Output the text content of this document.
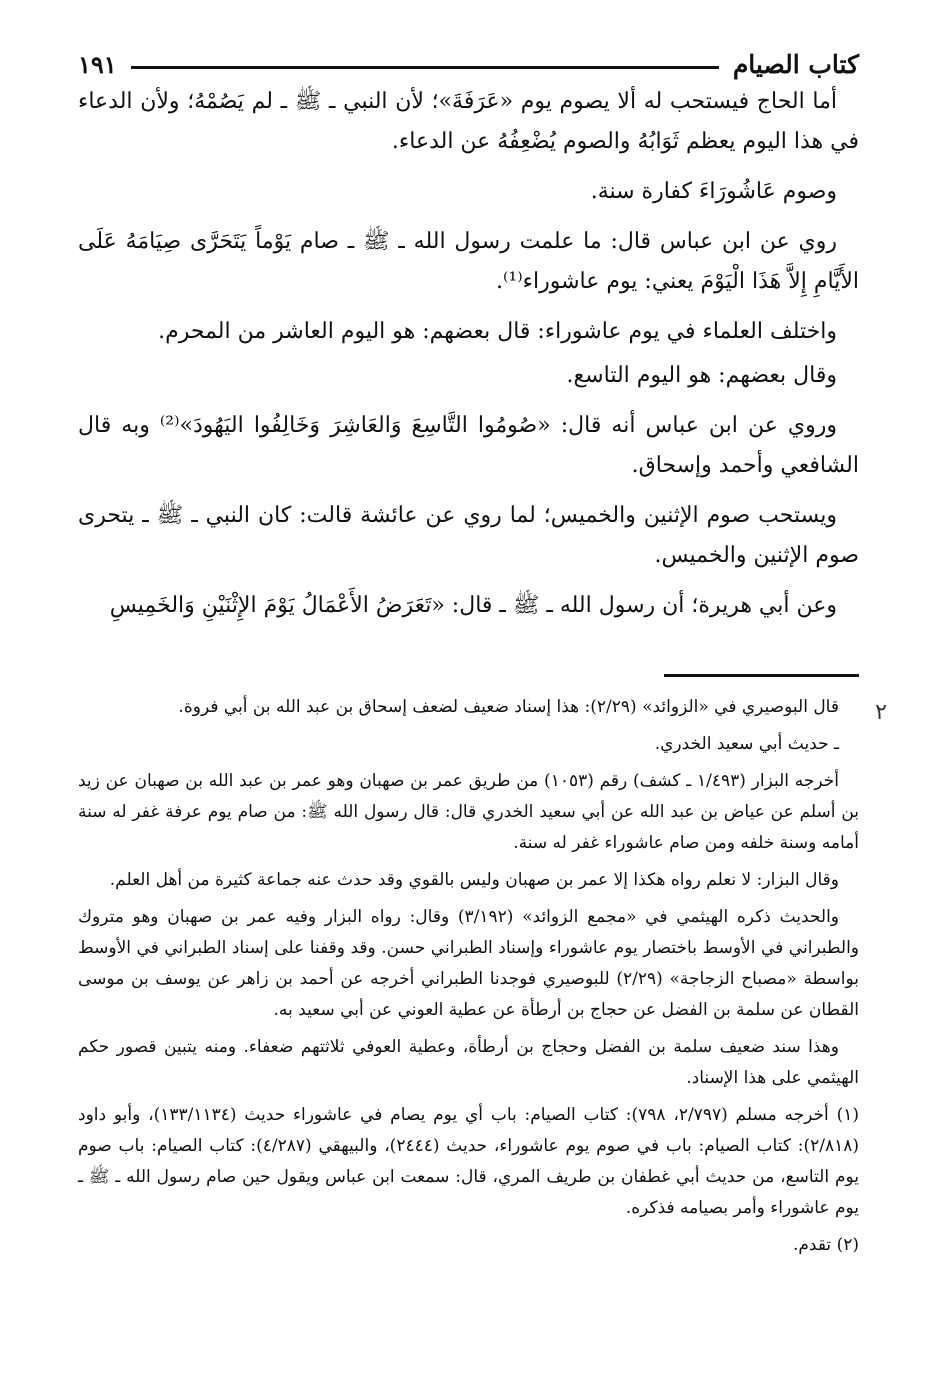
كتاب الصيام
١٩١

أما الحاج فيستحب له ألا يصوم يوم «عَرَفَةَ»؛ لأن النبي ـ ﷺ ـ لم يَصُمْهُ؛ ولأن الدعاء في هذا اليوم يعظم ثَوَابُهُ والصوم يُضْعِفُهُ عن الدعاء.

وصوم عَاشُورَاءَ كفارة سنة.

روي عن ابن عباس قال: ما علمت رسول الله ـ ﷺ ـ صام يَوْماً يَتَحَرَّى صِيَامَهُ عَلَى الأَيَّامِ إِلاَّ هَذَا الْيَوْمَ يعني: يوم عاشوراء⁽¹⁾.

واختلف العلماء في يوم عاشوراء: قال بعضهم: هو اليوم العاشر من المحرم.

وقال بعضهم: هو اليوم التاسع.

وروي عن ابن عباس أنه قال: «صُومُوا التَّاسِعَ وَالعَاشِرَ وَخَالِفُوا اليَهُودَ»⁽²⁾ وبه قال الشافعي وأحمد وإسحاق.

ويستحب صوم الإثنين والخميس؛ لما روي عن عائشة قالت: كان النبي ـ ﷺ ـ يتحرى صوم الإثنين والخميس.

وعن أبي هريرة؛ أن رسول الله ـ ﷺ ـ قال: «تَعَرَضُ الأَعْمَالُ يَوْمَ الإِثْنَيْنِ وَالخَمِيسِ

٢

قال البوصيري في «الزوائد» (٢/٢٩): هذا إسناد ضعيف لضعف إسحاق بن عبد الله بن أبي فروة.

ـ حديث أبي سعيد الخدري.

أخرجه البزار (١/٤٩٣ ـ كشف) رقم (١٠٥٣) من طريق عمر بن صهبان وهو عمر بن عبد الله بن صهبان عن زيد بن أسلم عن عياض بن عبد الله عن أبي سعيد الخدري قال: قال رسول الله ﷺ: من صام يوم عرفة غفر له سنة أمامه وسنة خلفه ومن صام عاشوراء غفر له سنة.

وقال البزار: لا نعلم رواه هكذا إلا عمر بن صهبان وليس بالقوي وقد حدث عنه جماعة كثيرة من أهل العلم.

والحديث ذكره الهيثمي في «مجمع الزوائد» (٣/١٩٢) وقال: رواه البزار وفيه عمر بن صهبان وهو متروك والطبراني في الأوسط باختصار يوم عاشوراء وإسناد الطبراني حسن. وقد وقفنا على إسناد الطبراني في الأوسط بواسطة «مصباح الزجاجة» (٢/٢٩) للبوصيري فوجدنا الطبراني أخرجه عن أحمد بن زاهر عن يوسف بن موسى القطان عن سلمة بن الفضل عن حجاج بن أرطأة عن عطية العوني عن أبي سعيد به.

وهذا سند ضعيف سلمة بن الفضل وحجاج بن أرطأة، وعطية العوفي ثلاثتهم ضعفاء. ومنه يتبين قصور حكم الهيثمي على هذا الإسناد.

(١) أخرجه مسلم (٢/٧٩٧، ٧٩٨): كتاب الصيام: باب أي يوم يصام في عاشوراء حديث (١٣٣/١١٣٤)، وأبو داود (٢/٨١٨): كتاب الصيام: باب في صوم يوم عاشوراء، حديث (٢٤٤٤)، والبيهقي (٤/٢٨٧): كتاب الصيام: باب صوم يوم التاسع، من حديث أبي غطفان بن طريف المري، قال: سمعت ابن عباس ويقول حين صام رسول الله ـ ﷺ ـ يوم عاشوراء وأمر بصيامه فذكره.

(٢) تقدم.
